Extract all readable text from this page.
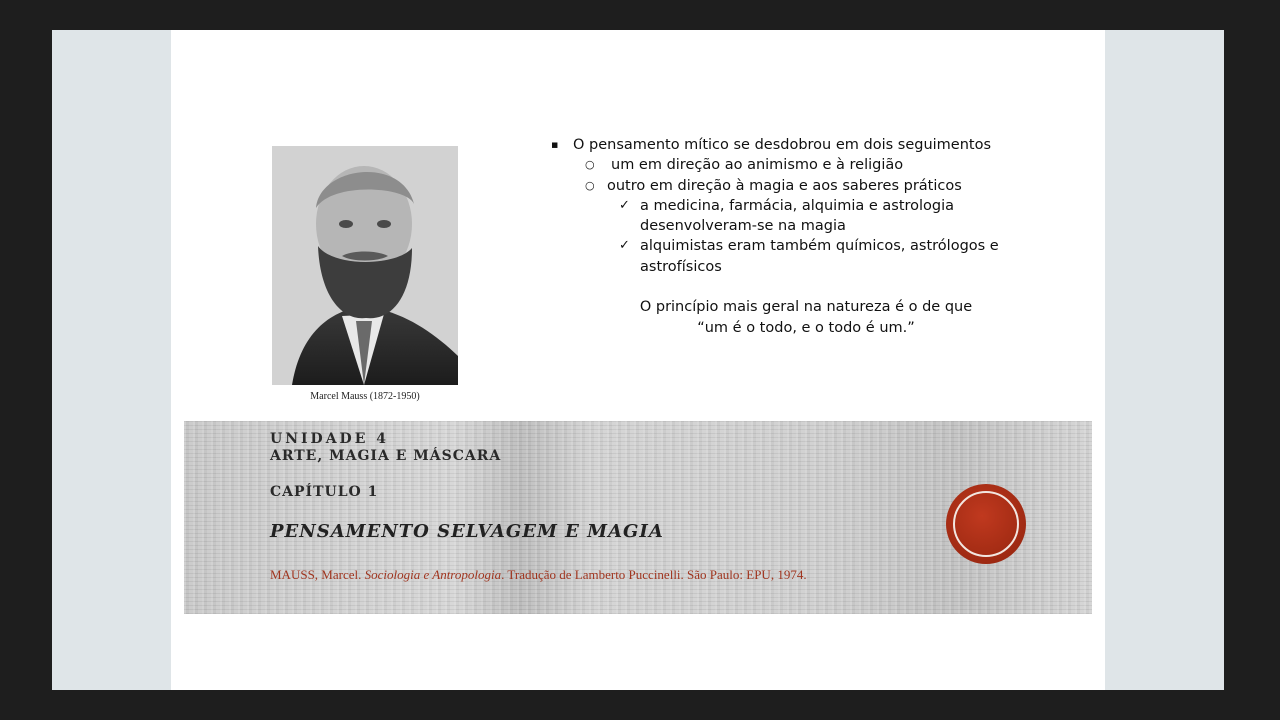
Marcel Mauss (1872-1950)
▪ O pensamento mítico se desdobrou em dois seguimentos
○ um em direção ao animismo e à religião
○ outro em direção à magia e aos saberes práticos
✓ a medicina, farmácia, alquimia e astrologia
desenvolveram-se na magia
✓ alquimistas eram também químicos, astrólogos e
astrofísicos
O princípio mais geral na natureza é o de que
“um é o todo, e o todo é um.”
UNIDADE 4
ARTE, MAGIA E MÁSCARA
CAPÍTULO 1
PENSAMENTO SELVAGEM E MAGIA
MAUSS, Marcel. Sociologia e Antropologia. Tradução de Lamberto Puccinelli. São Paulo: EPU, 1974.
